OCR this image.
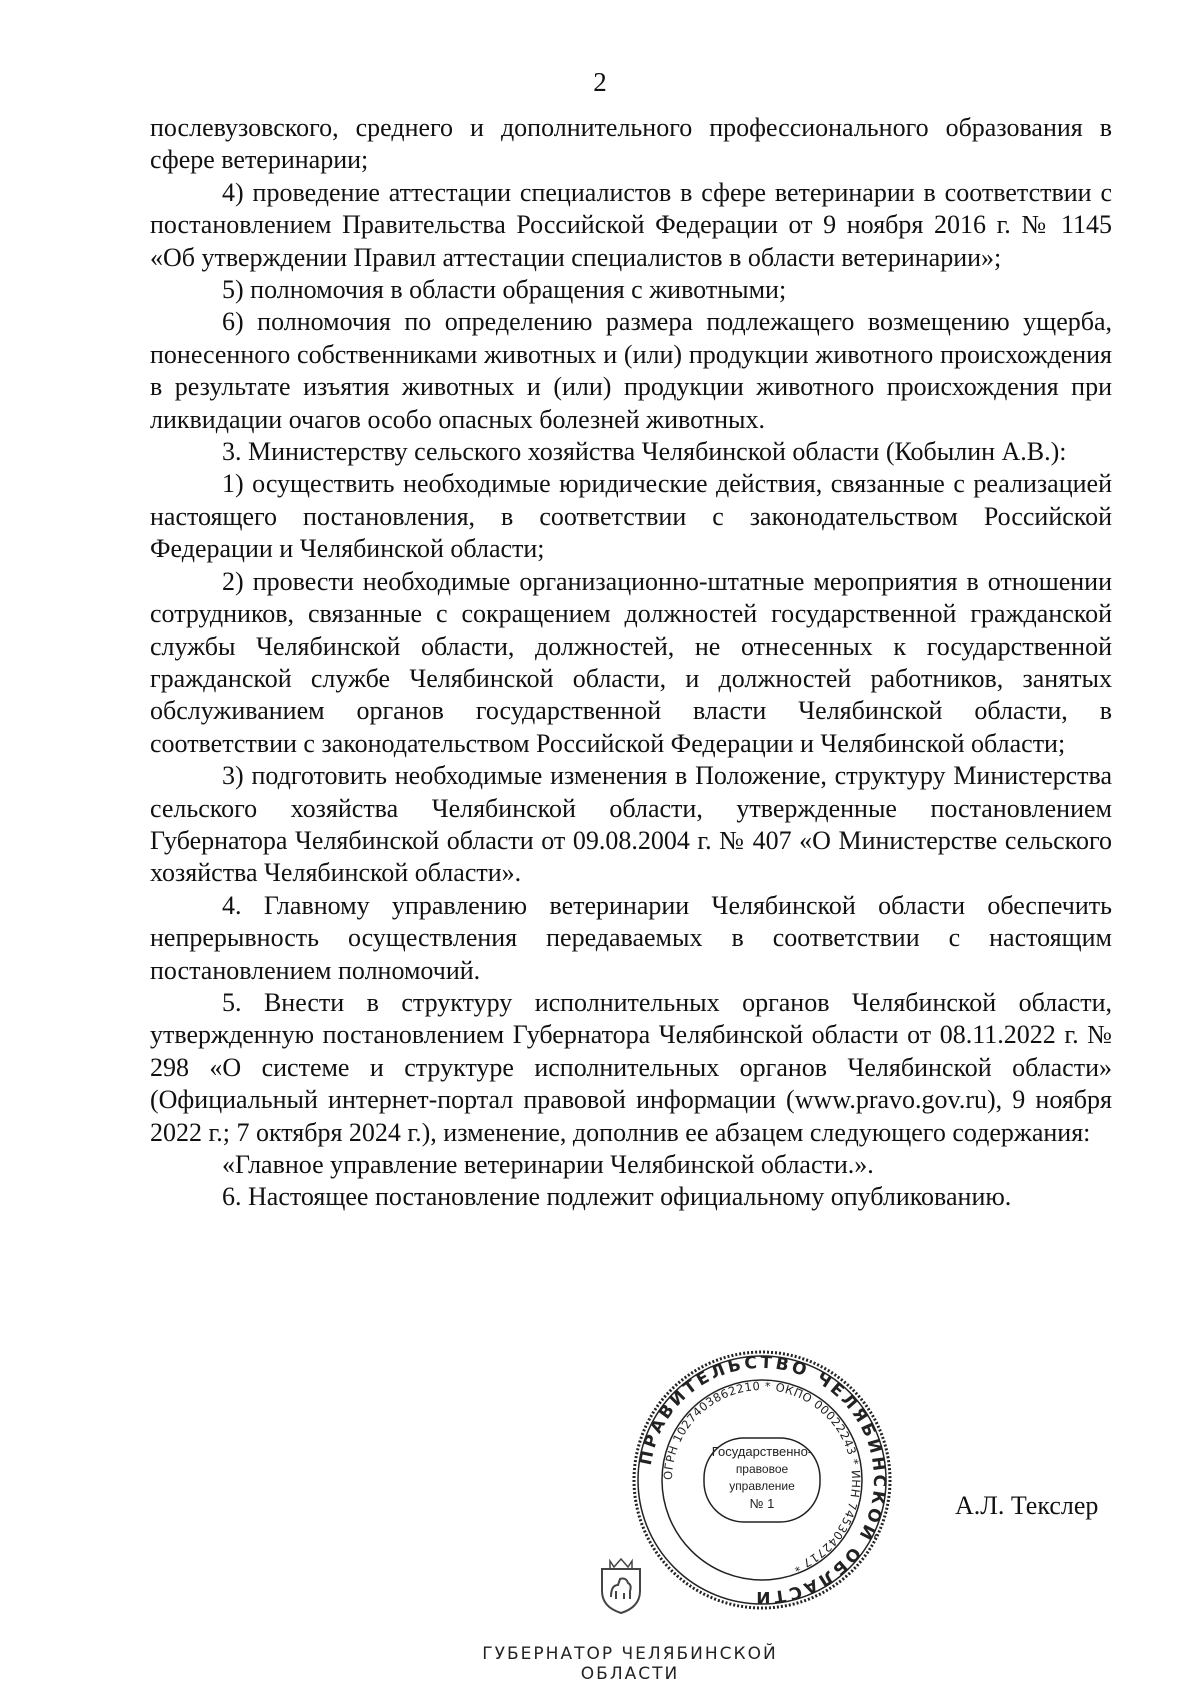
2

послевузовского, среднего и дополнительного профессионального образования в сфере ветеринарии;

4) проведение аттестации специалистов в сфере ветеринарии в соответствии с постановлением Правительства Российской Федерации от 9 ноября 2016 г. № 1145 «Об утверждении Правил аттестации специалистов в области ветеринарии»;

5) полномочия в области обращения с животными;

6) полномочия по определению размера подлежащего возмещению ущерба, понесенного собственниками животных и (или) продукции животного происхождения в результате изъятия животных и (или) продукции животного происхождения при ликвидации очагов особо опасных болезней животных.

3. Министерству сельского хозяйства Челябинской области (Кобылин А.В.):

1) осуществить необходимые юридические действия, связанные с реализацией настоящего постановления, в соответствии с законодательством Российской Федерации и Челябинской области;

2) провести необходимые организационно-штатные мероприятия в отношении сотрудников, связанные с сокращением должностей государственной гражданской службы Челябинской области, должностей, не отнесенных к государственной гражданской службе Челябинской области, и должностей работников, занятых обслуживанием органов государственной власти Челябинской области, в соответствии с законодательством Российской Федерации и Челябинской области;

3) подготовить необходимые изменения в Положение, структуру Министерства сельского хозяйства Челябинской области, утвержденные постановлением Губернатора Челябинской области от 09.08.2004 г. № 407 «О Министерстве сельского хозяйства Челябинской области».

4. Главному управлению ветеринарии Челябинской области обеспечить непрерывность осуществления передаваемых в соответствии с настоящим постановлением полномочий.

5. Внести в структуру исполнительных органов Челябинской области, утвержденную постановлением Губернатора Челябинской области от 08.11.2022 г. № 298 «О системе и структуре исполнительных органов Челябинской области» (Официальный интернет-портал правовой информации (www.pravo.gov.ru), 9 ноября 2022 г.; 7 октября 2024 г.), изменение, дополнив ее абзацем следующего содержания:

«Главное управление ветеринарии Челябинской области.».

6. Настоящее постановление подлежит официальному опубликованию.

ПРАВИТЕЛЬСТВО ЧЕЛЯБИНСКОЙ ОБЛАСТИ
ОГРН 1027403862210 * ОКПО 00022243 * ИНН 7453042717 *
Государственно-
правовое
управление
№ 1	А.Л. Текслер
ГУБЕРНАТОР ЧЕЛЯБИНСКОЙ ОБЛАСТИ
